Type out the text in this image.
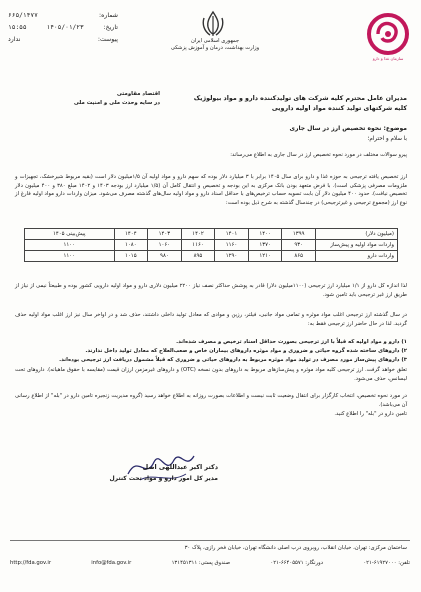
شماره:
۶۶۵/۱۴۷۷
تاریخ:
۱۴۰۵/۰۱/۲۳
۱۵:۵۵
پیوست:
ندارد
اقتصاد مقاومتی
در سایه وحدت ملی و امنیت ملی
جمهوری اسلامی ایران
وزارت بهداشت، درمان و آموزش پزشکی
سازمان غذا و دارو
مدیران عامل محترم کلیه شرکت های تولیدکننده دارو و مواد بیولوژیک
کلیه شرکتهای تولید کننده مواد اولیه دارویی
موضوع: نحوه تخصیص ارز در سال جاری
با سلام و احترام؛
پیرو سوالات مختلف در مورد نحوه تخصیص ارز در سال جاری به اطلاع می‌رساند:
ارز تخصیص یافته ترجیحی به حوزه غذا و دارو برای سال ۱۴۰۵ برابر با ۳ میلیارد دلار بوده که سهم دارو و مواد اولیه آن ۱/۵میلیون دلار است (بقیه مربوط شیرخشک، تجهیزات و ملزومات مصرفی پزشکی است). با فرض متعهد بودن بانک مرکزی به این بودجه و تخصیص و انتقال کامل آن (۱/۵ میلیارد ارز بودجه ۱۴۰۳ و ۱۴۰۲ مبلغ ۳۸۰ و ۴۰۰ میلیون دلار تخصیص نیافت). حدود ۴۰۰ میلیون دلار آن بابت تسویه حساب ترخیص‌های با حداقل اسناد دارو و مواد اولیه سال‌های گذشته مصرف می‌شود. میزان واردات دارو مواد اولیه فارغ از نوع ارز (مجموع ترجیحی و غیرترجیحی) در چندسال گذشته به شرح ذیل بوده است:
(میلیون دلار)	۱۳۹۹	۱۴۰۰	۱۴۰۱	۱۴۰۲	۱۴۰۳	۱۴۰۴	پیش‌بینی ۱۴۰۵
واردات مواد اولیه و پیش‌ساز	۹۳۰	۱۳۷۰	۱۱۶۰	۱۱۶۰	۱۰۶۰	۱۰۸۰	۱۱۰۰
واردات دارو	۸۶۵	۱۲۱۰	۱۲۹۰	۸۹۵	۹۸۰	۱۰۱۵	۱۱۰۰
لذا اندازه کل دارو از ۱/۱ میلیارد ارز ترجیحی (۱۱۰۰میلیون دلار) قادر به پوشش حداکثر نصف نیاز ۲۲۰۰ میلیون دلاری دارو و مواد اولیه دارویی کشور بوده و طبیعتاً نیمی از نیاز از طریق ارز غیر ترجیحی باید تامین شود.
در سال گذشته ارز ترجیحی اغلب مواد موثره و تمامی مواد جانبی، فیلتر، رزین و موادی که معادل تولید داخلی داشتند، حذف شد و در اواخر سال نیز ارز اغلب مواد اولیه حذف گردید. لذا در حال حاضر ارز ترجیحی فقط به:
۱) دارو و مواد اولیه که قبلاً با ارز ترجیحی بصورت حداقل اسناد ترخیص و مصرف شده‌اند.
۲) داروهای ساخته شده گروه حیاتی و ضروری و مواد موثره داروهای بیماران خاص و صعب‌العلاج که معادل تولید داخل ندارند.
۳) داروهای پیش‌ساز مورد مصرف در تولید مواد موثره مربوط به داروهای حیاتی و ضروری که قبلاً مشمول دریافت ارز ترجیحی بوده‌اند.
تعلق خواهد گرفت. ارز ترجیحی کلیه مواد موثره و پیش‌سازهای مربوط به داروهای بدون نسخه (OTC) و داروهای غیرمزمن ارزان قیمت (مقایسه با حقوق ماهیانه). داروهای تحت لیسانس، حذف می‌شود.
در مورد نحوه تخصیص، انتخاب کارگزار برای انتقال وضعیت ثابت نیست و اطلاعات بصورت روزانه به اطلاع خواهد رسید (گروه مدیریت زنجیره تامین دارو در "بله" از اطلاع رسانی آن می‌باشد).
تامین دارو در "بله" را اطلاع کنید.
دکتر اکبر عبداللهی اصل
مدیر کل امور دارو و مواد تحت کنترل
ساختمان مرکزی: تهران، خیابان انقلاب، روبروی درب اصلی دانشگاه تهران، خیابان فخر رازی، پلاک ۳۰
http://fda.gov.ir	info@fda.gov.ir	صندوق پستی: ۱۳۱۴۵۱۳۱۱	دورنگار: ۶۶۴۰۵۵۷۱-۰۲۱	تلفن: ۶۱۹۲۷۰۰۰-۰۲۱
